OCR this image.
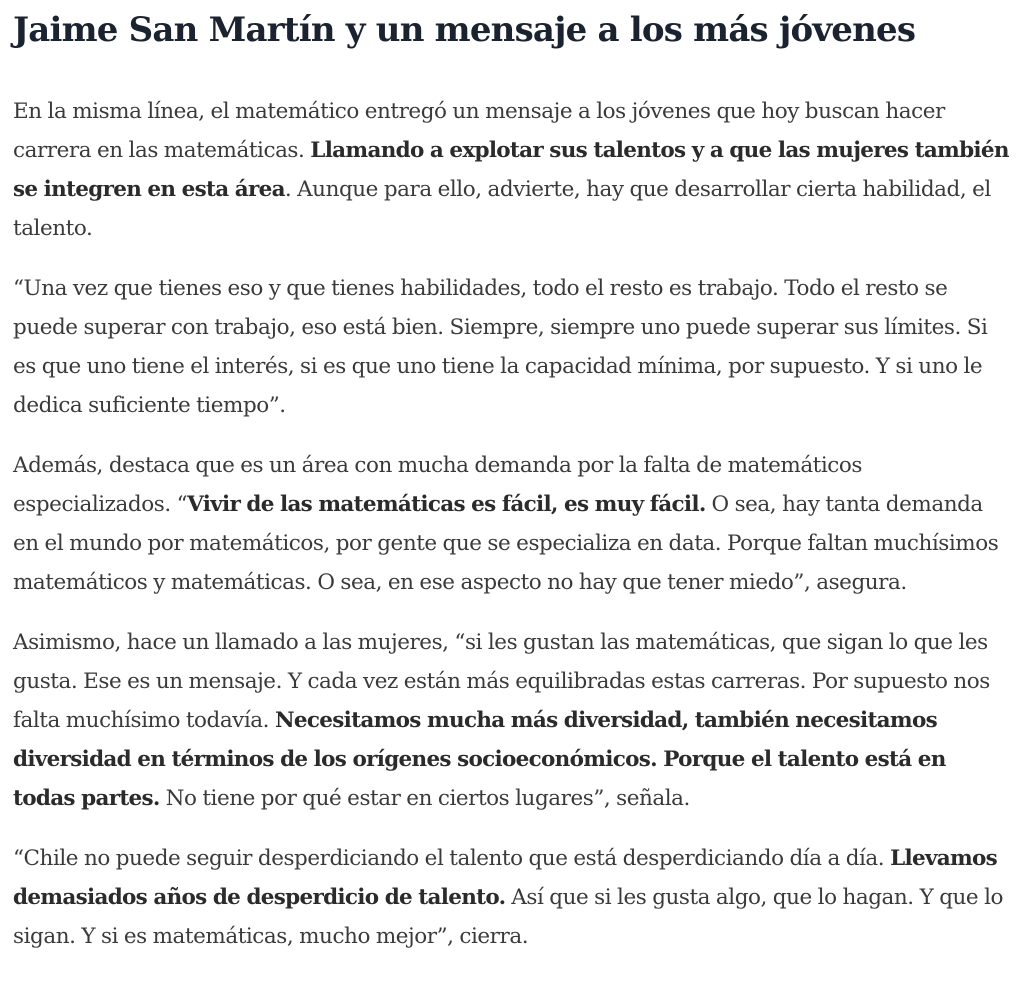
Jaime San Martín y un mensaje a los más jóvenes

En la misma línea, el matemático entregó un mensaje a los jóvenes que hoy buscan hacer carrera en las matemáticas. Llamando a explotar sus talentos y a que las mujeres también se integren en esta área. Aunque para ello, advierte, hay que desarrollar cierta habilidad, el talento.

“Una vez que tienes eso y que tienes habilidades, todo el resto es trabajo. Todo el resto se puede superar con trabajo, eso está bien. Siempre, siempre uno puede superar sus límites. Si es que uno tiene el interés, si es que uno tiene la capacidad mínima, por supuesto. Y si uno le dedica suficiente tiempo”.

Además, destaca que es un área con mucha demanda por la falta de matemáticos especializados. “Vivir de las matemáticas es fácil, es muy fácil. O sea, hay tanta demanda en el mundo por matemáticos, por gente que se especializa en data. Porque faltan muchísimos matemáticos y matemáticas. O sea, en ese aspecto no hay que tener miedo”, asegura.

Asimismo, hace un llamado a las mujeres, “si les gustan las matemáticas, que sigan lo que les gusta. Ese es un mensaje. Y cada vez están más equilibradas estas carreras. Por supuesto nos falta muchísimo todavía. Necesitamos mucha más diversidad, también necesitamos diversidad en términos de los orígenes socioeconómicos. Porque el talento está en todas partes. No tiene por qué estar en ciertos lugares”, señala.

“Chile no puede seguir desperdiciando el talento que está desperdiciando día a día. Llevamos demasiados años de desperdicio de talento. Así que si les gusta algo, que lo hagan. Y que lo sigan. Y si es matemáticas, mucho mejor”, cierra.
